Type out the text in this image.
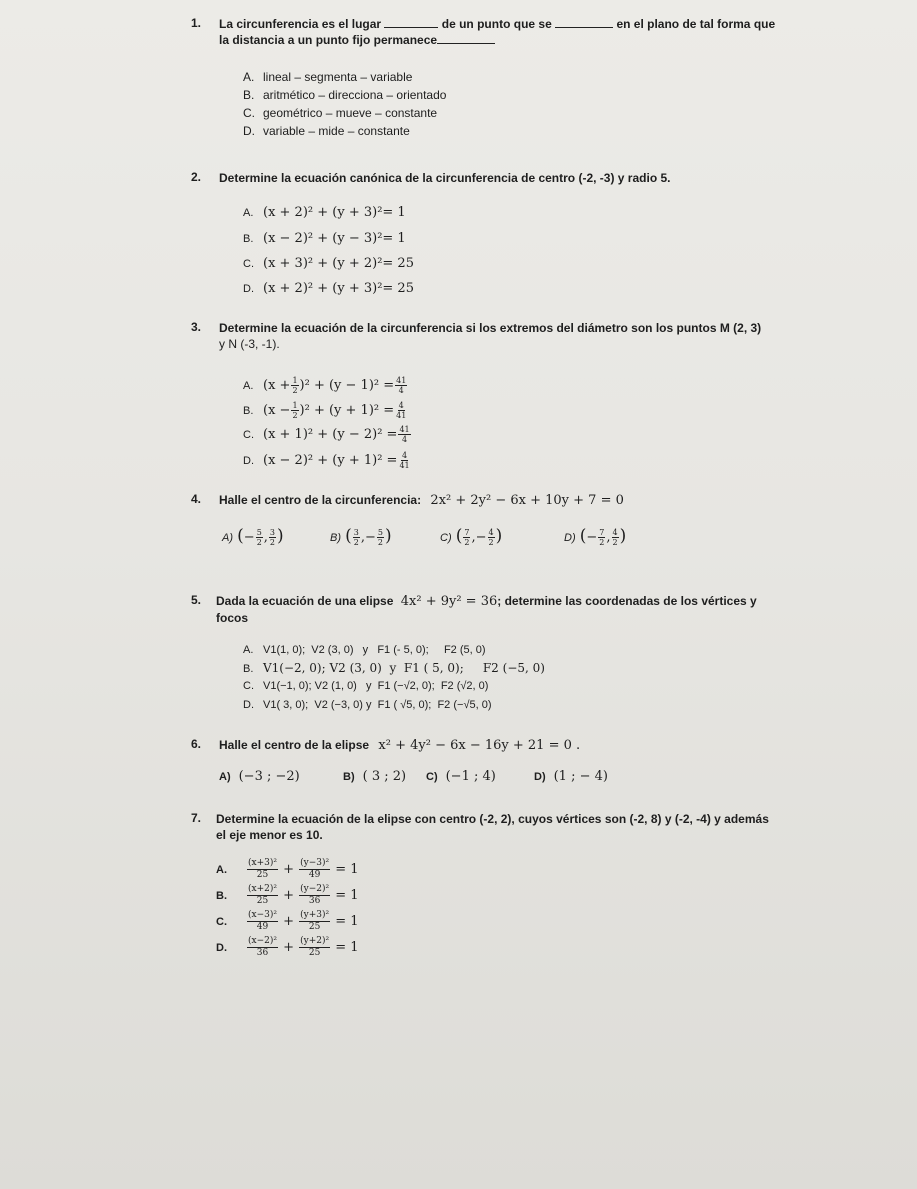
1. La circunferencia es el lugar	de un punto que se	en el plano de tal forma que
la distancia a un punto fijo permanece
A. lineal – segmenta – variable
B. aritmético – direcciona – orientado
C. geométrico – mueve – constante
D. variable – mide – constante
2. Determine la ecuación canónica de la circunferencia de centro (-2, -3) y radio 5.
A. (x + 2)² + (y + 3)²= 1
B. (x − 2)² + (y − 3)²= 1
C. (x + 3)² + (y + 2)²= 25
D. (x + 2)² + (y + 3)²= 25
3. Determine la ecuación de la circunferencia si los extremos del diámetro son los puntos M (2, 3)
y N (-3, -1).
A. $(x + \frac{1}{2} )^2 + (y - 1)^2 = \frac{41}{4}$
B. $(x - \frac{1}{2} )^2 + (y + 1)^2 = \frac{4}{41}$
C. $(x + 1)^2 + (y - 2)^2 = \frac{41}{4}$
D. $(x - 2)^2 + (y + 1)^2 = \frac{4}{41}$
4. Halle el centro de la circunferencia: 2x² + 2y² − 6x + 10y + 7 = 0
A) (− $\frac{5}{2}$ , $\frac{3}{2}$ )	B) ( $\frac{3}{2}$ ,− $\frac{5}{2}$ )	C) ( $\frac{7}{2}$ ,− $\frac{4}{2}$ )	D) (− $\frac{7}{2}$ , $\frac{4}{2}$ )
5. Dada la ecuación de una elipse 4x² + 9y² = 36; determine las coordenadas de los vértices y
focos
A. V1(1, 0);  V2 (3, 0)   y   F1 (- 5, 0);     F2 (5, 0)
B. V1(−2, 0); V2 (3, 0)  y  F1 ( 5, 0);     F2 (−5, 0)
C. V1(−1, 0); V2 (1, 0)   y  F1 (−√2, 0);  F2 (√2, 0)
D. V1( 3, 0);  V2 (−3, 0) y  F1 ( √5, 0);  F2 (−√5, 0)
6. Halle el centro de la elipse x² + 4y² − 6x − 16y + 21 = 0 .
A) (−3 ; −2)	B) ( 3 ; 2) C) (−1 ; 4)	D) (1 ; − 4)
7. Determine la ecuación de la elipse con centro (-2, 2), cuyos vértices son (-2, 8) y (-2, -4) y además
el eje menor es 10.
A. $\frac{\text{(x+3)²}}{25} + \frac{\text{(y−3)²}}{49} = 1$
B. $\frac{\text{(x+2)²}}{25} + \frac{\text{(y−2)²}}{36} = 1$
C. $\frac{\text{(x−3)²}}{49} + \frac{\text{(y+3)²}}{25} = 1$
D. $\frac{\text{(x−2)²}}{36} + \frac{\text{(y+2)²}}{25} = 1$
